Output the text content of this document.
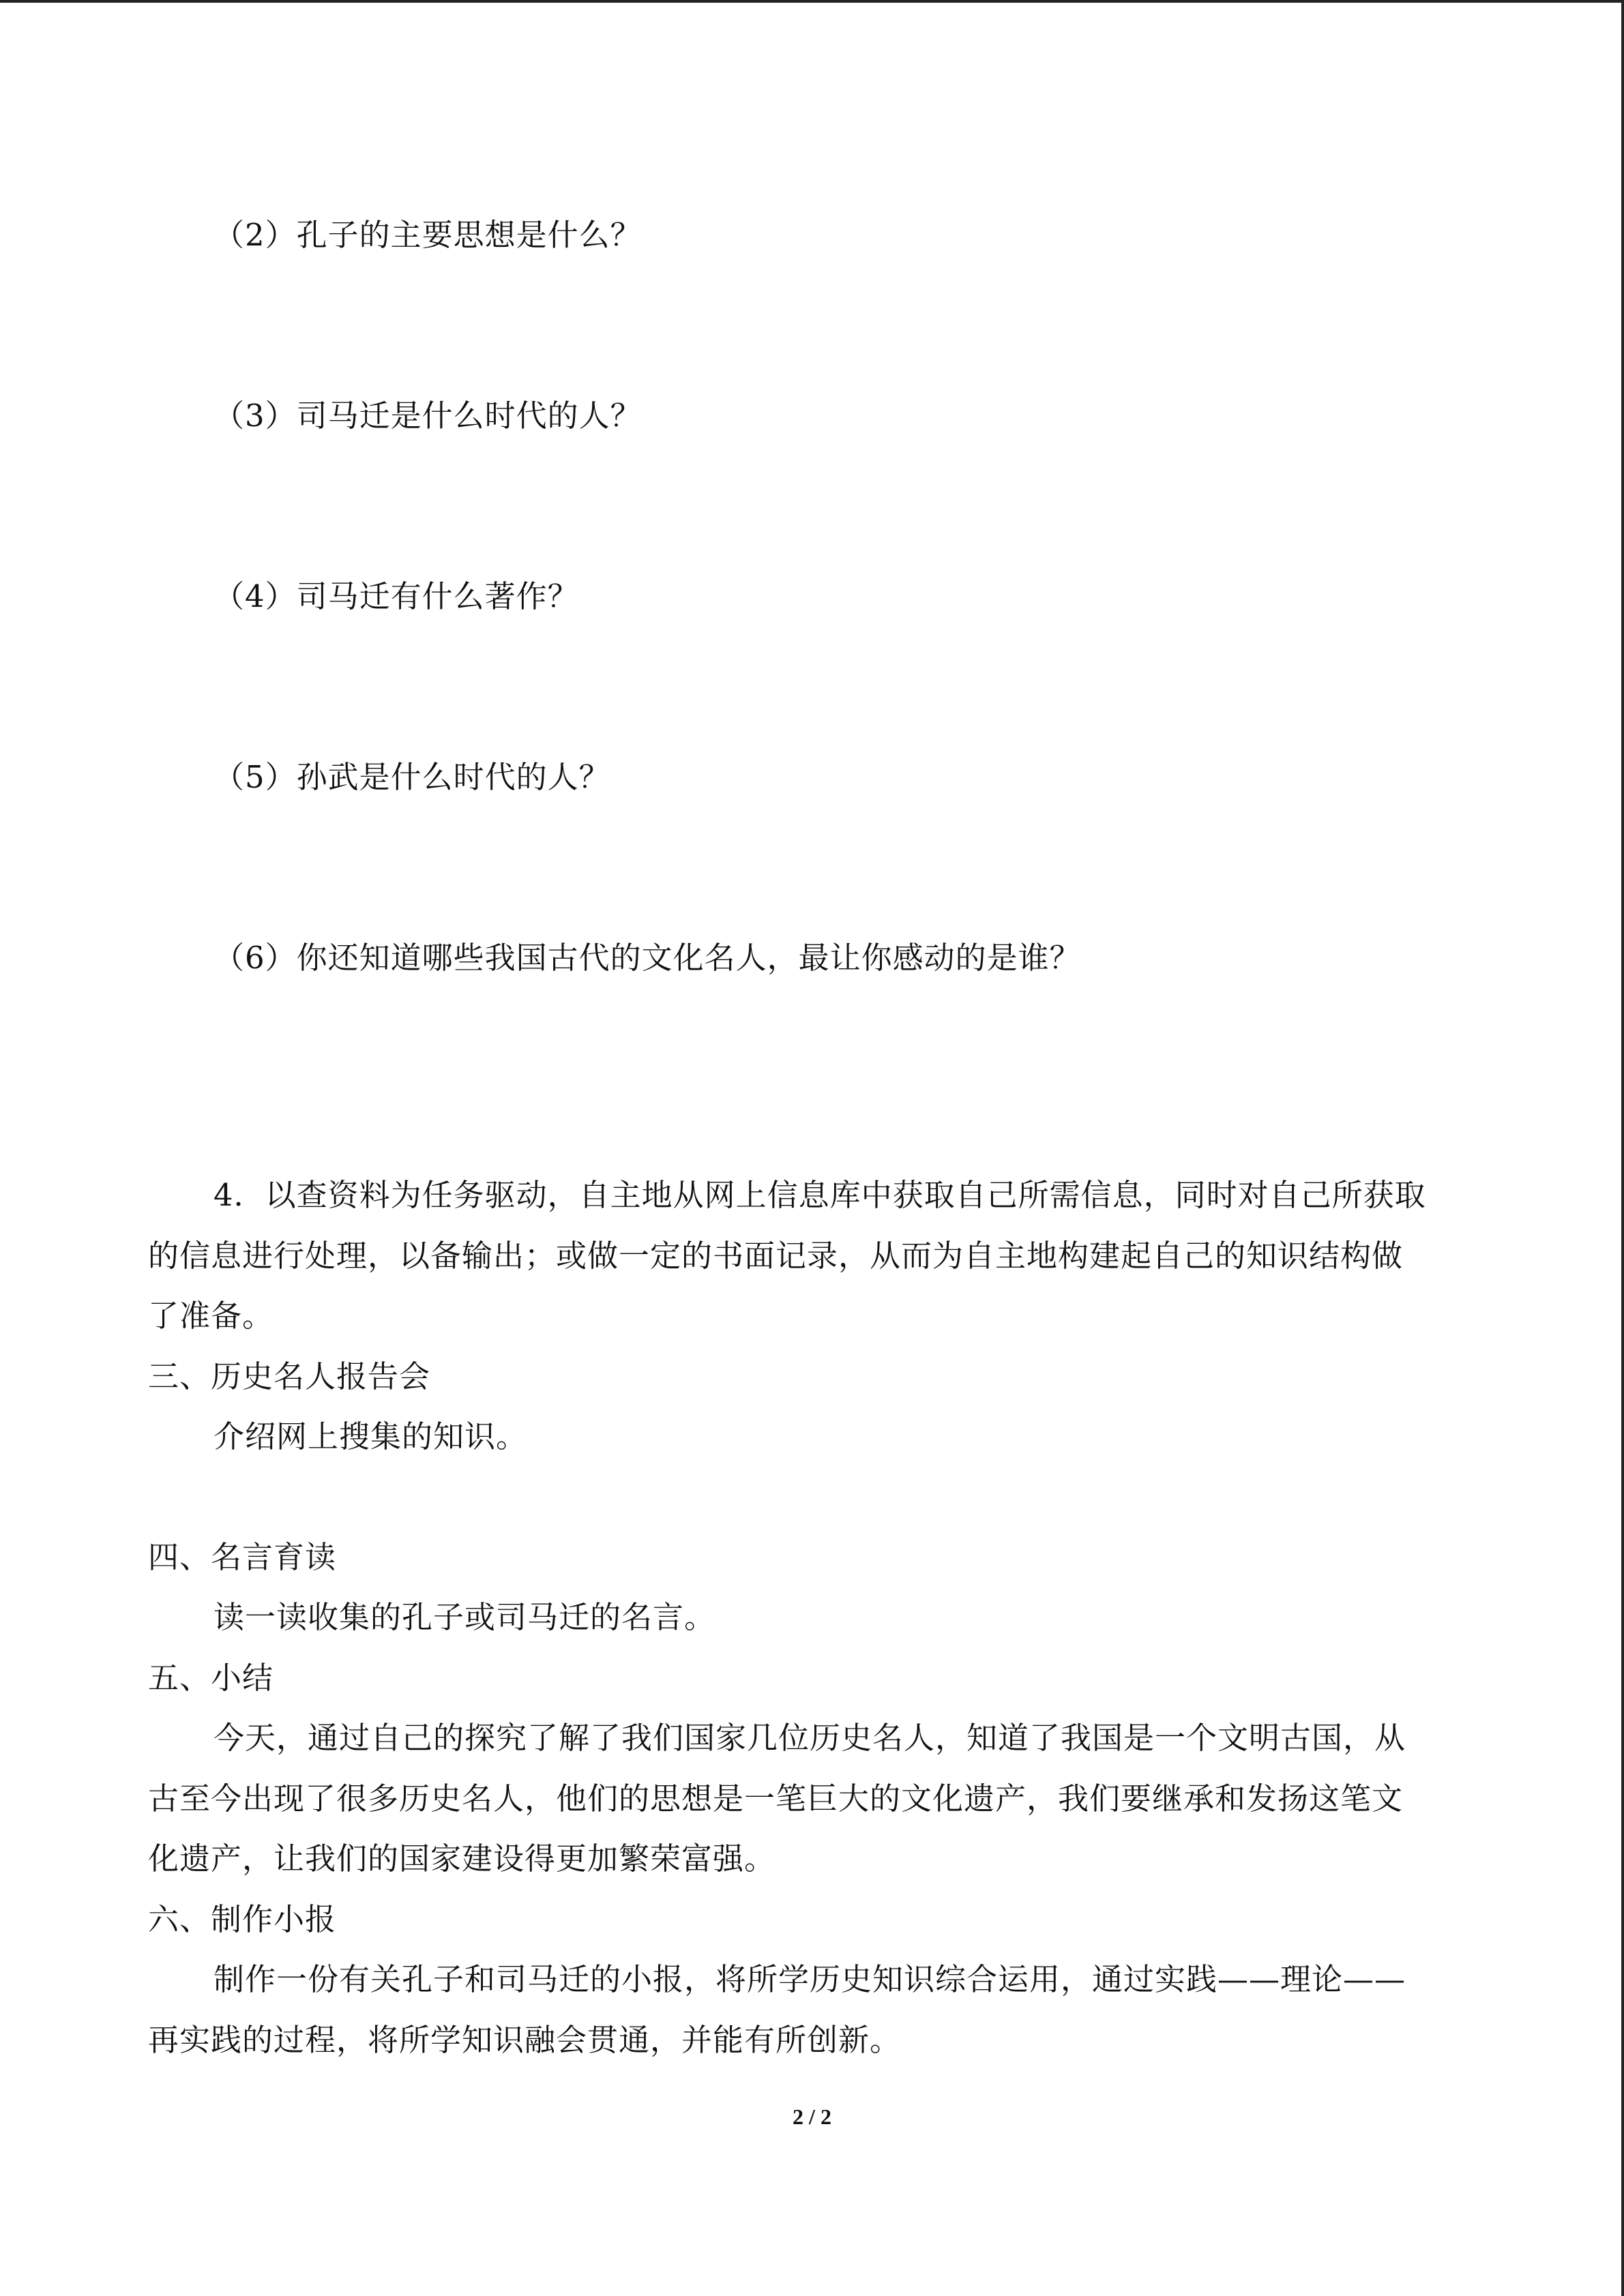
（2）孔子的主要思想是什么？
（3）司马迁是什么时代的人？
（4）司马迁有什么著作？
（5）孙武是什么时代的人？
（6）你还知道哪些我国古代的文化名人，最让你感动的是谁？
4．以查资料为任务驱动，自主地从网上信息库中获取自己所需信息，同时对自己所获取
的信息进行处理，以备输出；或做一定的书面记录，从而为自主地构建起自己的知识结构做
了准备。
三、历史名人报告会
介绍网上搜集的知识。
四、名言育读
读一读收集的孔子或司马迁的名言。
五、小结
今天，通过自己的探究了解了我们国家几位历史名人，知道了我国是一个文明古国，从
古至今出现了很多历史名人，他们的思想是一笔巨大的文化遗产，我们要继承和发扬这笔文
化遗产，让我们的国家建设得更加繁荣富强。
六、制作小报
制作一份有关孔子和司马迁的小报，将所学历史知识综合运用，通过实践——理论——
再实践的过程，将所学知识融会贯通，并能有所创新。
2 / 2
